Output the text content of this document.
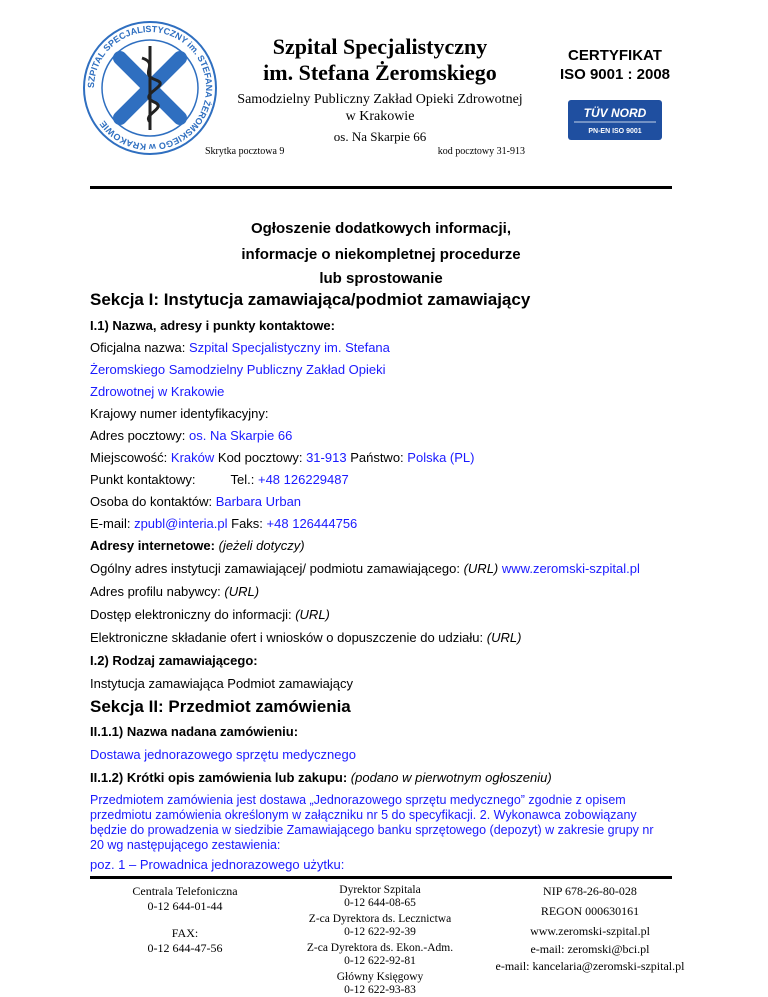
SZPITAL SPECJALISTYCZNY im. STEFANA ŻEROMSKIEGO w KRAKOWIE
Szpital Specjalistyczny
im. Stefana Żeromskiego
Samodzielny Publiczny Zakład Opieki Zdrowotnej
w Krakowie
os. Na Skarpie 66
Skrytka pocztowa 9	kod pocztowy 31-913
CERTYFIKAT
ISO 9001 : 2008
TÜV NORD
PN-EN ISO 9001
Ogłoszenie dodatkowych informacji,
informacje o niekompletnej procedurze
lub sprostowanie
Sekcja I: Instytucja zamawiająca/podmiot zamawiający
I.1) Nazwa, adresy i punkty kontaktowe:
Oficjalna nazwa: Szpital Specjalistyczny im. Stefana
Żeromskiego Samodzielny Publiczny Zakład Opieki
Zdrowotnej w Krakowie
Krajowy numer identyfikacyjny:
Adres pocztowy: os. Na Skarpie 66
Miejscowość: Kraków Kod pocztowy: 31-913 Państwo: Polska (PL)
Punkt kontaktowy:	Tel.: +48 126229487
Osoba do kontaktów: Barbara Urban
E-mail: zpubl@interia.pl Faks: +48 126444756
Adresy internetowe: (jeżeli dotyczy)
Ogólny adres instytucji zamawiającej/ podmiotu zamawiającego: (URL) www.zeromski-szpital.pl
Adres profilu nabywcy: (URL)
Dostęp elektroniczny do informacji: (URL)
Elektroniczne składanie ofert i wniosków o dopuszczenie do udziału: (URL)
I.2) Rodzaj zamawiającego:
Instytucja zamawiająca Podmiot zamawiający
Sekcja II: Przedmiot zamówienia
II.1.1) Nazwa nadana zamówieniu:
Dostawa jednorazowego sprzętu medycznego
II.1.2) Krótki opis zamówienia lub zakupu: (podano w pierwotnym ogłoszeniu)
Przedmiotem zamówienia jest dostawa „Jednorazowego sprzętu medycznego” zgodnie z opisem
przedmiotu zamówienia określonym w załączniku nr 5 do specyfikacji. 2. Wykonawca zobowiązany
będzie do prowadzenia w siedzibie Zamawiającego banku sprzętowego (depozyt) w zakresie grupy nr
20 wg następującego zestawienia:
poz. 1 – Prowadnica jednorazowego użytku:
Centrala Telefoniczna
0-12 644-01-44
FAX:
0-12 644-47-56
Dyrektor Szpitala
0-12 644-08-65
Z-ca Dyrektora ds. Lecznictwa
0-12 622-92-39
Z-ca Dyrektora ds. Ekon.-Adm.
0-12 622-92-81
Główny Księgowy
0-12 622-93-83
NIP 678-26-80-028
REGON 000630161
www.zeromski-szpital.pl
e-mail: zeromski@bci.pl
e-mail: kancelaria@zeromski-szpital.pl
